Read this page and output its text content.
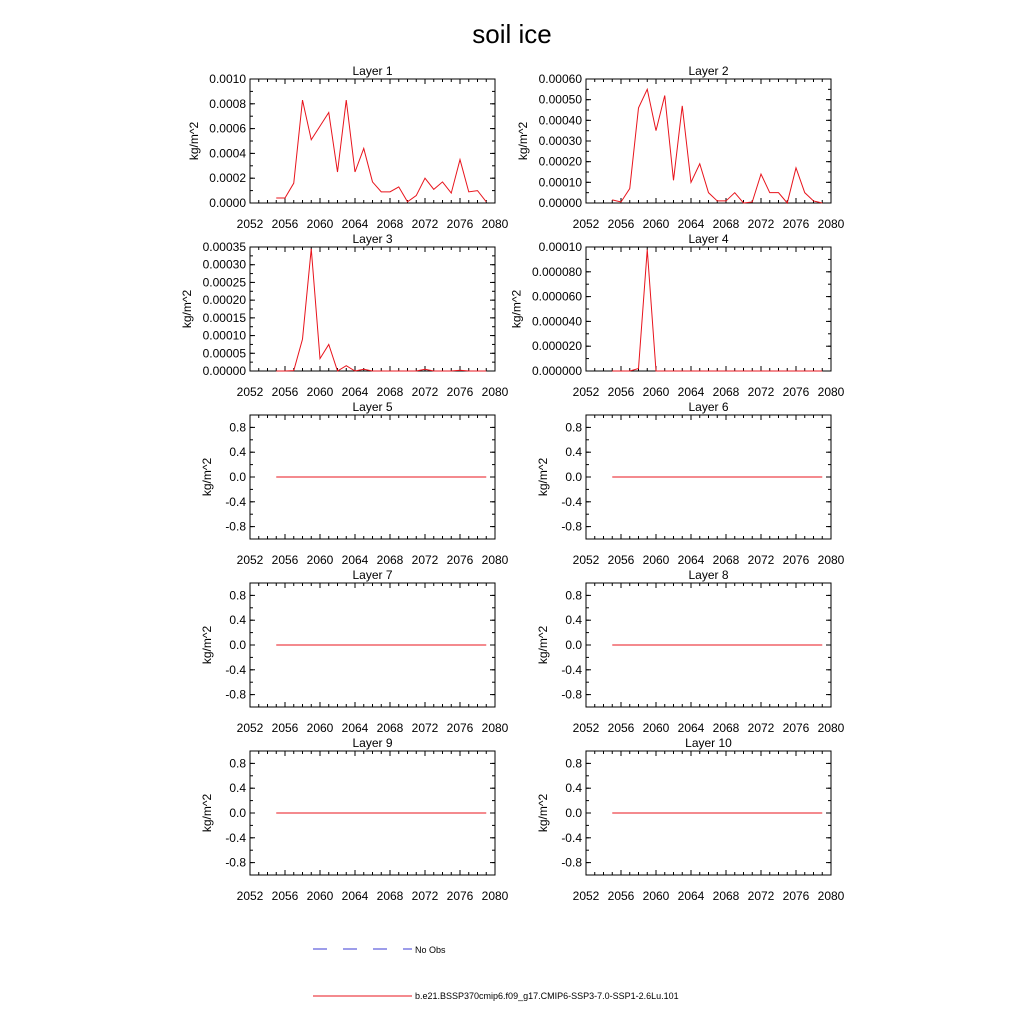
soil ice
Layer 1
2052 2056 2060 2064 2068 2072 2076 2080
0.0000
0.0002
0.0004
0.0006
0.0008
0.0010
kg/m^2
Layer 2
2052 2056 2060 2064 2068 2072 2076 2080
0.00000
0.00010
0.00020
0.00030
0.00040
0.00050
0.00060
kg/m^2
Layer 3
2052 2056 2060 2064 2068 2072 2076 2080
0.00000
0.00005
0.00010
0.00015
0.00020
0.00025
0.00030
0.00035
kg/m^2
Layer 4
2052 2056 2060 2064 2068 2072 2076 2080
0.000000
0.000020
0.000040
0.000060
0.000080
0.00010
kg/m^2
Layer 5
2052 2056 2060 2064 2068 2072 2076 2080
-0.8
-0.4
0.0
0.4
0.8
kg/m^2
Layer 6
2052 2056 2060 2064 2068 2072 2076 2080
-0.8
-0.4
0.0
0.4
0.8
kg/m^2
Layer 7
2052 2056 2060 2064 2068 2072 2076 2080
-0.8
-0.4
0.0
0.4
0.8
kg/m^2
Layer 8
2052 2056 2060 2064 2068 2072 2076 2080
-0.8
-0.4
0.0
0.4
0.8
kg/m^2
Layer 9
2052 2056 2060 2064 2068 2072 2076 2080
-0.8
-0.4
0.0
0.4
0.8
kg/m^2
Layer 10
2052 2056 2060 2064 2068 2072 2076 2080
-0.8
-0.4
0.0
0.4
0.8
kg/m^2
No Obs
b.e21.BSSP370cmip6.f09_g17.CMIP6-SSP3-7.0-SSP1-2.6Lu.101
